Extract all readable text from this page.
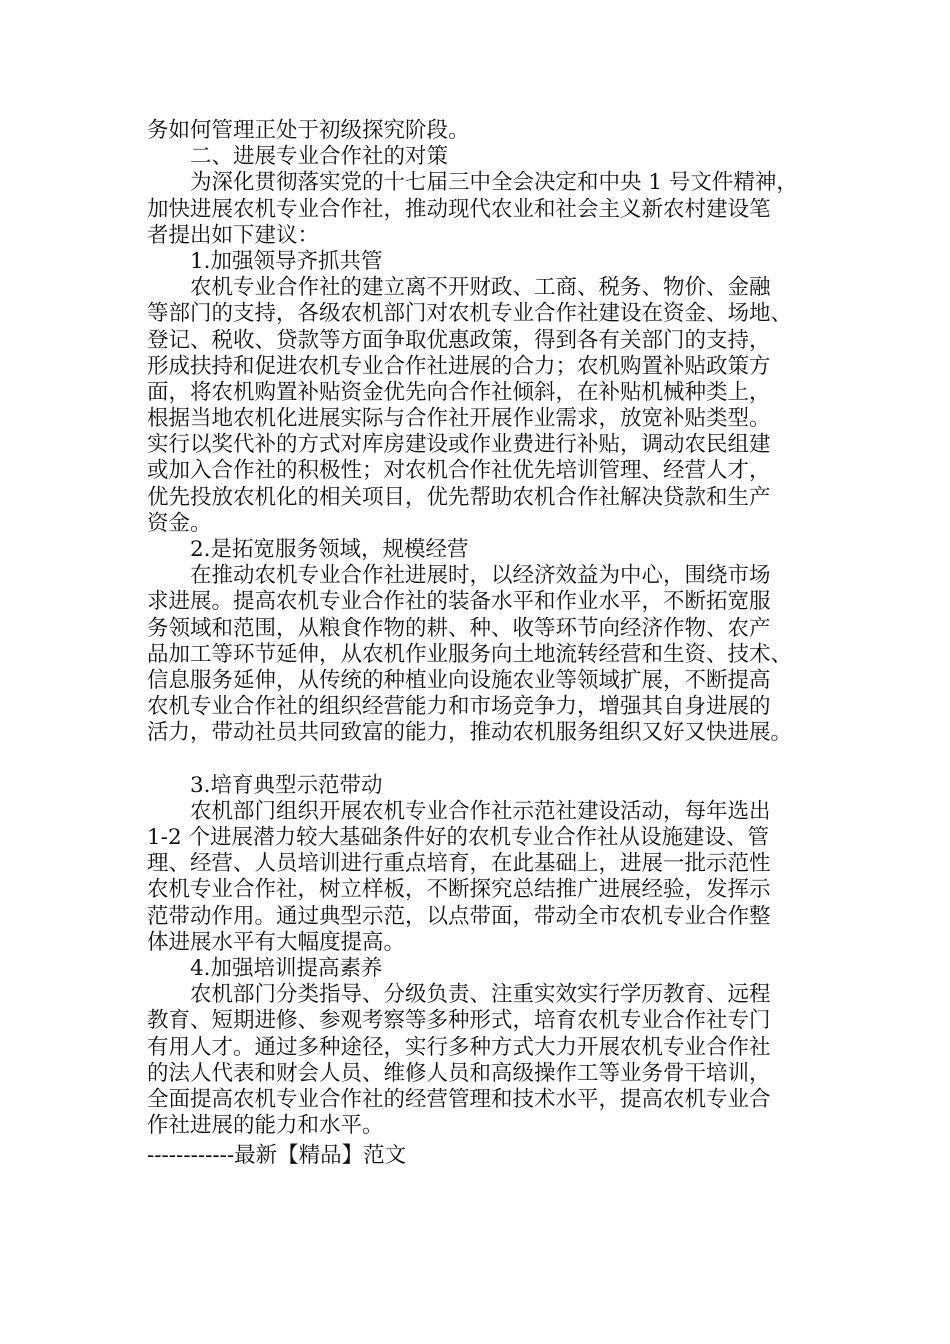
务如何管理正处于初级探究阶段。
二、进展专业合作社的对策
为深化贯彻落实党的十七届三中全会决定和中央 1 号文件精神，
加快进展农机专业合作社，推动现代农业和社会主义新农村建设笔
者提出如下建议：
1.加强领导齐抓共管
农机专业合作社的建立离不开财政、工商、税务、物价、金融
等部门的支持，各级农机部门对农机专业合作社建设在资金、场地、
登记、税收、贷款等方面争取优惠政策，得到各有关部门的支持，
形成扶持和促进农机专业合作社进展的合力；农机购置补贴政策方
面，将农机购置补贴资金优先向合作社倾斜，在补贴机械种类上，
根据当地农机化进展实际与合作社开展作业需求，放宽补贴类型。
实行以奖代补的方式对库房建设或作业费进行补贴，调动农民组建
或加入合作社的积极性；对农机合作社优先培训管理、经营人才，
优先投放农机化的相关项目，优先帮助农机合作社解决贷款和生产
资金。
2.是拓宽服务领域，规模经营
在推动农机专业合作社进展时，以经济效益为中心，围绕市场
求进展。提高农机专业合作社的装备水平和作业水平，不断拓宽服
务领域和范围，从粮食作物的耕、种、收等环节向经济作物、农产
品加工等环节延伸，从农机作业服务向土地流转经营和生资、技术、
信息服务延伸，从传统的种植业向设施农业等领域扩展，不断提高
农机专业合作社的组织经营能力和市场竞争力，增强其自身进展的
活力，带动社员共同致富的能力，推动农机服务组织又好又快进展。
3.培育典型示范带动
农机部门组织开展农机专业合作社示范社建设活动，每年选出
1-2 个进展潜力较大基础条件好的农机专业合作社从设施建设、管
理、经营、人员培训进行重点培育，在此基础上，进展一批示范性
农机专业合作社，树立样板，不断探究总结推广进展经验，发挥示
范带动作用。通过典型示范，以点带面，带动全市农机专业合作整
体进展水平有大幅度提高。
4.加强培训提高素养
农机部门分类指导、分级负责、注重实效实行学历教育、远程
教育、短期进修、参观考察等多种形式，培育农机专业合作社专门
有用人才。通过多种途径，实行多种方式大力开展农机专业合作社
的法人代表和财会人员、维修人员和高级操作工等业务骨干培训，
全面提高农机专业合作社的经营管理和技术水平，提高农机专业合
作社进展的能力和水平。
------------最新【精品】范文
